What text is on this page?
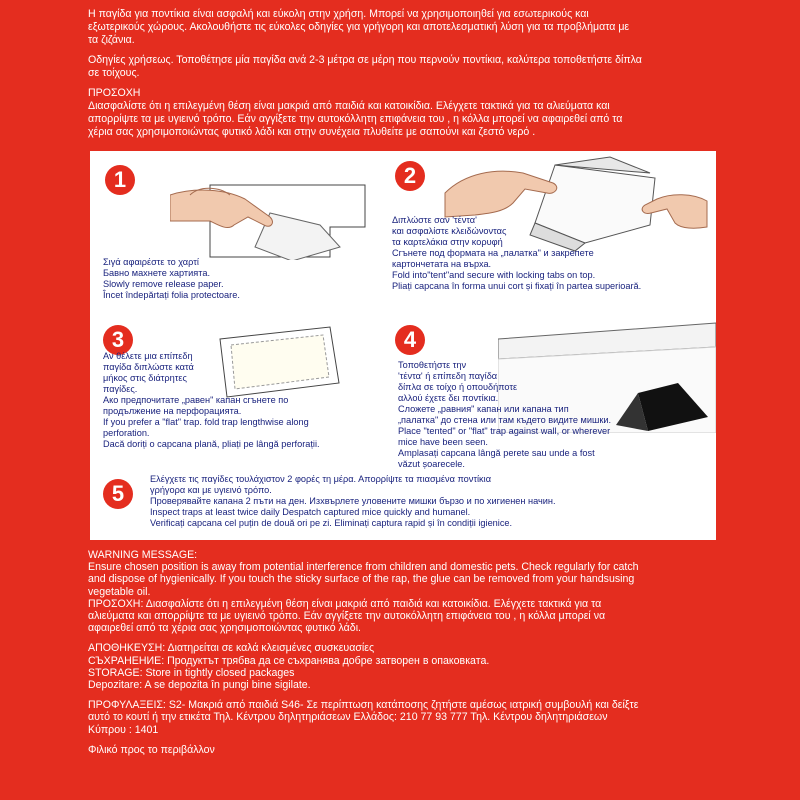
Η παγίδα για ποντίκια είναι ασφαλή και εύκολη στην χρήση. Μπορεί να χρησιμοποιηθεί για εσωτερικούς και
εξωτερικούς χώρους. Ακολουθήστε τις εύκολες οδηγίες για γρήγορη και αποτελεσματική λύση για τα προβλήματα με
τα ζιζάνια.

Οδηγίες χρήσεως. Τοποθέτησε μία παγίδα ανά 2-3 μέτρα σε μέρη που περνούν ποντίκια, καλύτερα τοποθετήστε δίπλα
σε τοίχους.

ΠΡΟΣΟΧΗ

Διασφαλίστε ότι η επιλεγμένη θέση είναι μακριά από παιδιά και κατοικίδια. Ελέγχετε τακτικά για τα αλιεύματα και
απορρίψτε τα με υγιεινό τρόπο. Εάν αγγίξετε την αυτοκόλλητη επιφάνεια του , η κόλλα μπορεί να αφαιρεθεί από τα
χέρια σας χρησιμοποιώντας φυτικό λάδι και στην συνέχεια πλυθείτε με σαπούνι και ζεστό νερό .

1
Σιγά αφαιρέστε το χαρτί
Бавно махнете хартията.
Slowly remove release paper.
Încet îndepărtați folia protectoare.
2
Διπλώστε σαν 'τέντα'
και ασφαλίστε κλειδώνοντας
τα καρτελάκια στην κορυφή
Сгънете под формата на „палатка" и закрепете
картончетата на върха.
Fold into"tent"and secure with locking tabs on top.
Pliați capcana în forma unui cort și fixați în partea superioară.
3
Αν θέλετε μια επίπεδη
παγίδα διπλώστε κατά
μήκος στις διάτρητες
παγίδες.
Ако предпочитате „равен" капан сгънете по
продължение на перфорацията.
If you prefer a "flat" trap. fold trap lengthwise along
perforation.
Dacă doriți o capcana plană, pliați pe lângă perforații.
4
Τοποθετήστε την
'τέντα' ή επίπεδη παγίδα
δίπλα σε τοίχο ή οπουδήποτε
αλλού έχετε δει ποντίκια.
Сложете „равния" капан или капана тип
„палатка" до стена или там където видите мишки.
Place "tented" or "flat" trap against wall, or wherever
mice have been seen.
Amplasați capcana lângă perete sau unde a fost
văzut șoarecele.
5
Ελέγχετε τις παγίδες τουλάχιστον 2 φορές τη μέρα. Απορρίψτε τα πιασμένα ποντίκια
γρήγορα και με υγιεινό τρόπο.
Проверявайте капана 2 пъти на ден. Изхвърлете уловените мишки бързо и по хигиенен начин.
Inspect traps at least twice daily Despatch captured mice quickly and humanel.
Verificați capcana cel puțin de două ori pe zi. Eliminați captura rapid și în condiții igienice.
WARNING MESSAGE:
Ensure chosen position is away from potential interference from children and domestic pets. Check regularly for catch
and dispose of hygienically. If you touch the sticky surface of the rap, the glue can be removed from your handsusing
vegetable oil.
ΠΡΟΣΟΧΗ: Διασφαλίστε ότι η επιλεγμένη θέση είναι μακριά από παιδιά και κατοικίδια. Ελέγχετε τακτικά για τα
αλιεύματα και απορρίψτε τα με υγιεινό τρόπο. Εάν αγγίξετε την αυτοκόλλητη επιφάνεια του , η κόλλα μπορεί να
αφαιρεθεί από τα χέρια σας χρησιμοποιώντας φυτικό λάδι.
ΑΠΟΘΗΚΕΥΣΗ: Διατηρείται σε καλά κλεισμένες συσκευασίες
СЪХРАНЕНИЕ: Продуктът трябва да се съхранява добре затворен в опаковката.
STORAGE: Store in tightly closed packages
Depozitare: A se depozita în pungi bine sigilate.
ΠΡΟΦΥΛΑΞΕΙΣ: S2- Μακριά από παιδιά S46- Σε περίπτωση κατάποσης ζητήστε αμέσως ιατρική συμβουλή και δείξτε
αυτό το κουτί ή την ετικέτα Τηλ. Κέντρου δηλητηριάσεων Ελλάδος: 210 77 93 777 Τηλ. Κέντρου δηλητηριάσεων
Κύπρου : 1401
Φιλικό προς το περιβάλλον
